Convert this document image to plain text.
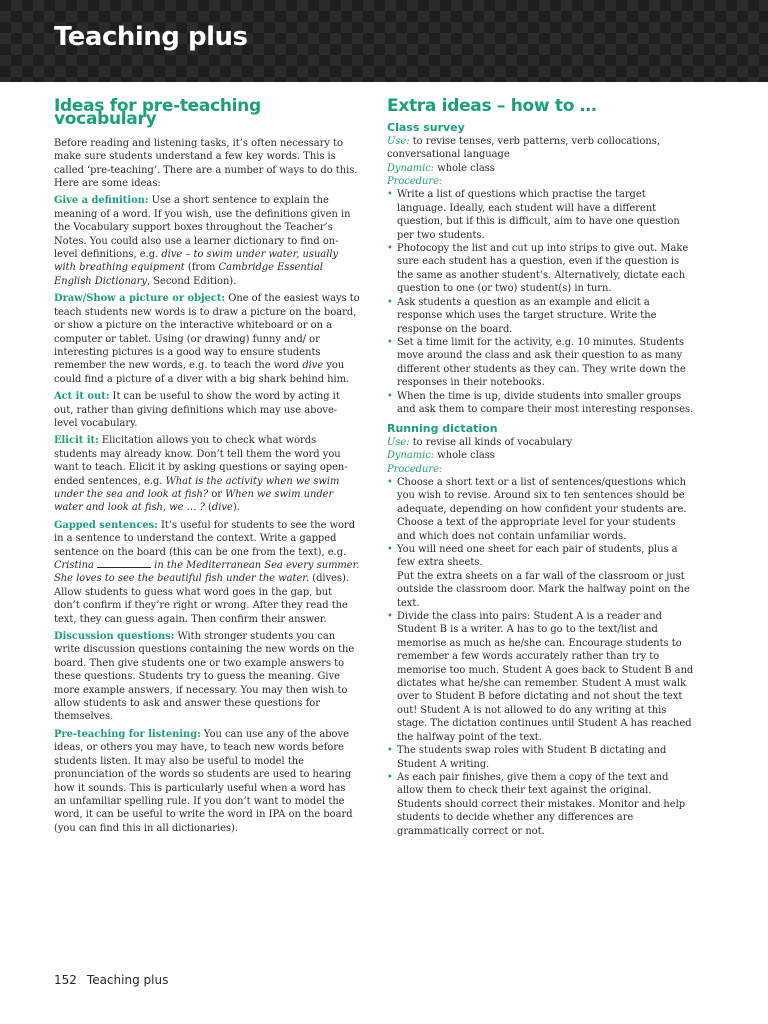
Teaching plus
Ideas for pre-teaching vocabulary

Before reading and listening tasks, it’s often necessary to make sure students understand a few key words. This is called ‘pre-teaching’. There are a number of ways to do this. Here are some ideas:

Give a definition: Use a short sentence to explain the meaning of a word. If you wish, use the definitions given in the Vocabulary support boxes throughout the Teacher’s Notes. You could also use a learner dictionary to find on-level definitions, e.g. dive – to swim under water, usually with breathing equipment (from Cambridge Essential English Dictionary, Second Edition).

Draw/Show a picture or object: One of the easiest ways to teach students new words is to draw a picture on the board, or show a picture on the interactive whiteboard or on a computer or tablet. Using (or drawing) funny and/ or interesting pictures is a good way to ensure students remember the new words, e.g. to teach the word dive you could find a picture of a diver with a big shark behind him.

Act it out: It can be useful to show the word by acting it out, rather than giving definitions which may use above-level vocabulary.

Elicit it: Elicitation allows you to check what words students may already know. Don’t tell them the word you want to teach. Elicit it by asking questions or saying open-ended sentences, e.g. What is the activity when we swim under the sea and look at fish? or When we swim under water and look at fish, we … ? (dive).

Gapped sentences: It’s useful for students to see the word in a sentence to understand the context. Write a gapped sentence on the board (this can be one from the text), e.g. Cristina	in the Mediterranean Sea every summer. She loves to see the beautiful fish under the water. (dives). Allow students to guess what word goes in the gap, but don’t confirm if they’re right or wrong. After they read the text, they can guess again. Then confirm their answer.

Discussion questions: With stronger students you can write discussion questions containing the new words on the board. Then give students one or two example answers to these questions. Students try to guess the meaning. Give more example answers, if necessary. You may then wish to allow students to ask and answer these questions for themselves.

Pre-teaching for listening: You can use any of the above ideas, or others you may have, to teach new words before students listen. It may also be useful to model the pronunciation of the words so students are used to hearing how it sounds. This is particularly useful when a word has an unfamiliar spelling rule. If you don’t want to model the word, it can be useful to write the word in IPA on the board (you can find this in all dictionaries).

Extra ideas – how to …
Class survey

Use: to revise tenses, verb patterns, verb collocations, conversational language

Dynamic: whole class

Procedure:

• Write a list of questions which practise the target language. Ideally, each student will have a different question, but if this is difficult, aim to have one question per two students.
• Photocopy the list and cut up into strips to give out. Make sure each student has a question, even if the question is the same as another student’s. Alternatively, dictate each question to one (or two) student(s) in turn.
• Ask students a question as an example and elicit a response which uses the target structure. Write the response on the board.
• Set a time limit for the activity, e.g. 10 minutes. Students move around the class and ask their question to as many different other students as they can. They write down the responses in their notebooks.
• When the time is up, divide students into smaller groups and ask them to compare their most interesting responses.
Running dictation

Use: to revise all kinds of vocabulary

Dynamic: whole class

Procedure:

• Choose a short text or a list of sentences/questions which you wish to revise. Around six to ten sentences should be adequate, depending on how confident your students are. Choose a text of the appropriate level for your students and which does not contain unfamiliar words.
• You will need one sheet for each pair of students, plus a few extra sheets.

Put the extra sheets on a far wall of the classroom or just outside the classroom door. Mark the halfway point on the text.

• Divide the class into pairs: Student A is a reader and Student B is a writer. A has to go to the text/list and memorise as much as he/she can. Encourage students to remember a few words accurately rather than try to memorise too much. Student A goes back to Student B and dictates what he/she can remember. Student A must walk over to Student B before dictating and not shout the text out! Student A is not allowed to do any writing at this stage. The dictation continues until Student A has reached the halfway point of the text.
• The students swap roles with Student B dictating and Student A writing.
• As each pair finishes, give them a copy of the text and allow them to check their text against the original. Students should correct their mistakes. Monitor and help students to decide whether any differences are grammatically correct or not.
152 Teaching plus
